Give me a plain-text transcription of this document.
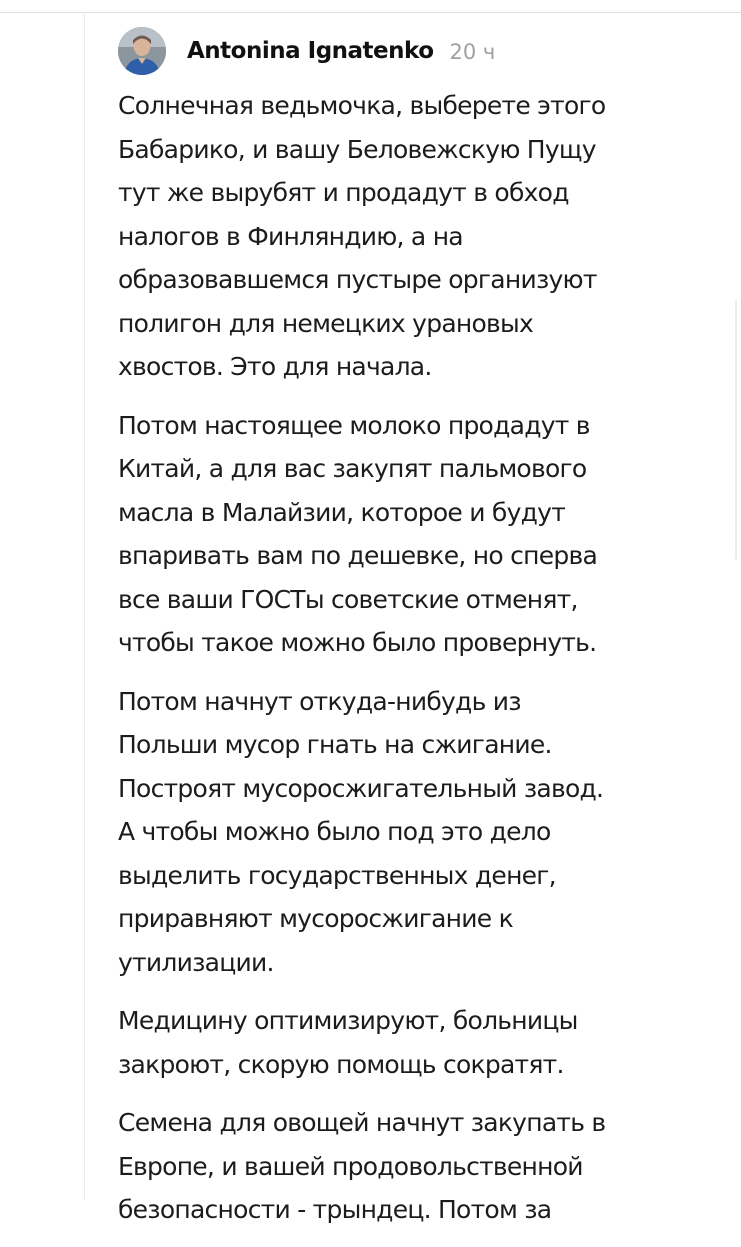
Antonina Ignatenko 20 ч

Солнечная ведьмочка, выберете этого
Бабарико, и вашу Беловежскую Пущу
тут же вырубят и продадут в обход
налогов в Финляндию, а на
образовавшемся пустыре организуют
полигон для немецких урановых
хвостов. Это для начала.

Потом настоящее молоко продадут в
Китай, а для вас закупят пальмового
масла в Малайзии, которое и будут
впаривать вам по дешевке, но сперва
все ваши ГОСТы советские отменят,
чтобы такое можно было провернуть.

Потом начнут откуда-нибудь из
Польши мусор гнать на сжигание.
Построят мусоросжигательный завод.
А чтобы можно было под это дело
выделить государственных денег,
приравняют мусоросжигание к
утилизации.

Медицину оптимизируют, больницы
закроют, скорую помощь сократят.

Семена для овощей начнут закупать в
Европе, и вашей продовольственной
безопасности - трындец. Потом за
